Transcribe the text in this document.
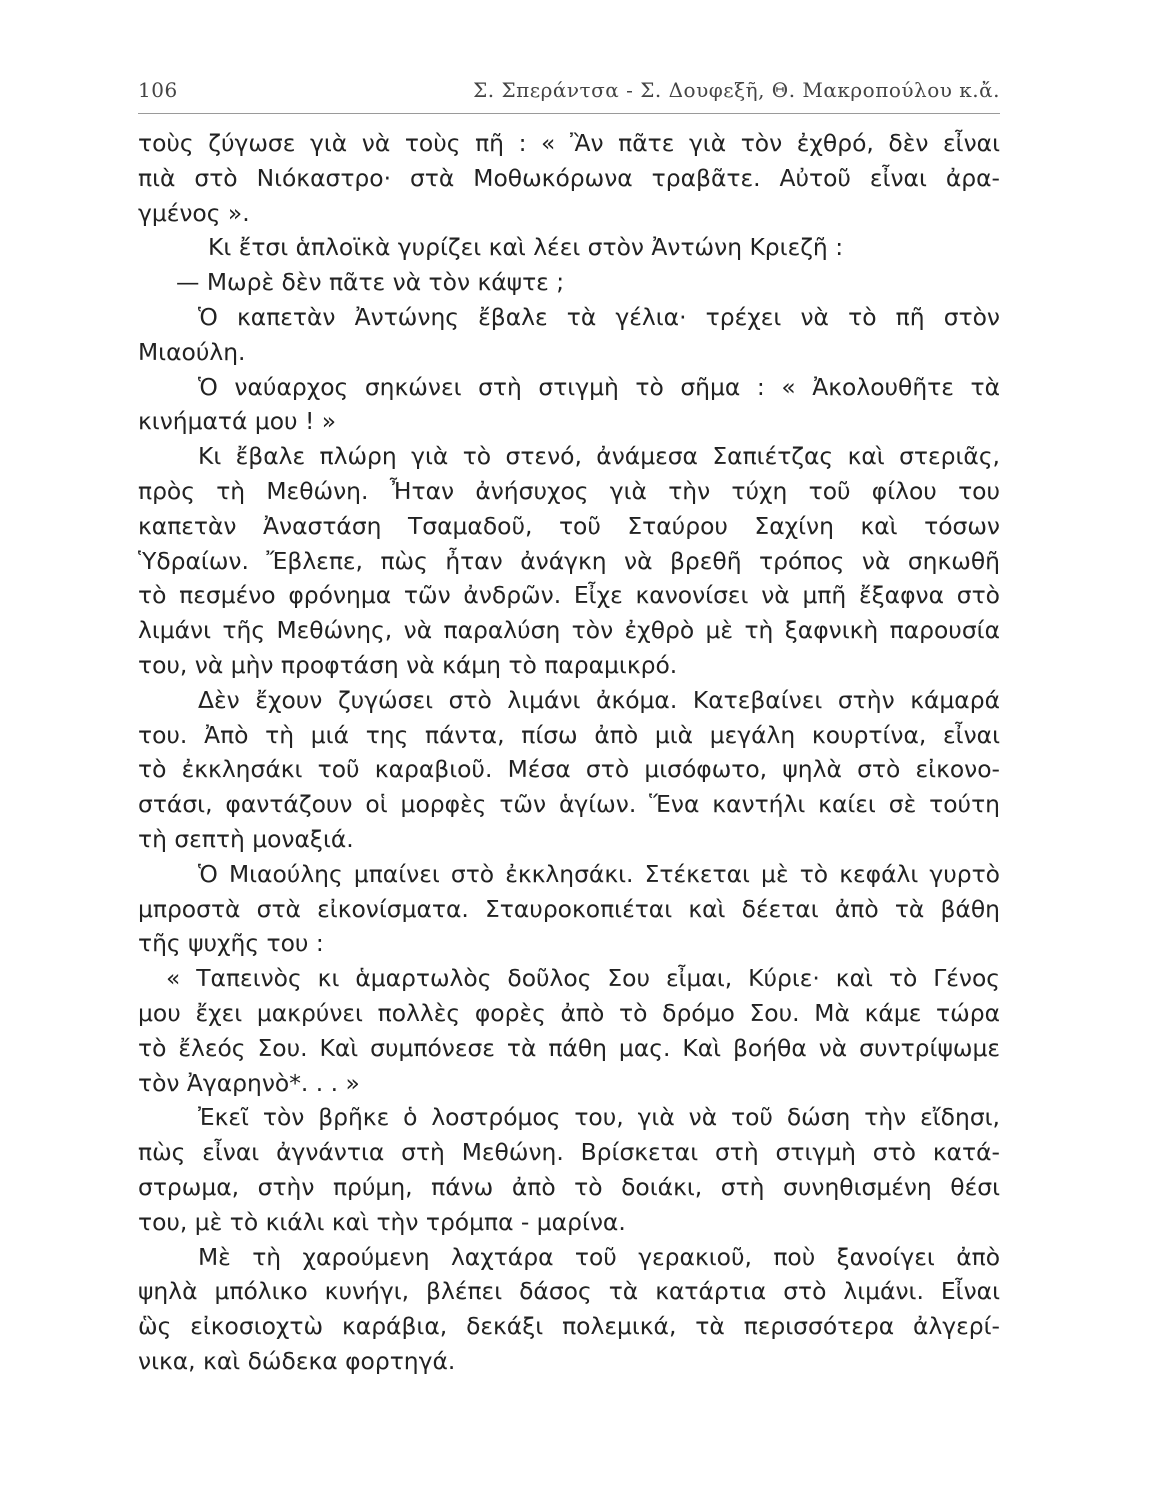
106	Σ. Σπεράντσα - Σ. Δουφεξῆ, Θ. Μακροπούλου κ.ἄ.
τοὺς ζύγωσε γιὰ νὰ τοὺς πῆ : « Ἂν πᾶτε γιὰ τὸν ἐχθρό, δὲν εἶναι
πιὰ στὸ Νιόκαστρο· στὰ Μοθωκόρωνα τραβᾶτε. Αὐτοῦ εἶναι ἀρα-
γμένος ».
Κι ἔτσι ἁπλοϊκὰ γυρίζει καὶ λέει στὸν Ἀντώνη Κριεζῆ :
— Μωρὲ δὲν πᾶτε νὰ τὸν κάψτε ;
Ὁ καπετὰν Ἀντώνης ἔβαλε τὰ γέλια· τρέχει νὰ τὸ πῆ στὸν
Μιαούλη.
Ὁ ναύαρχος σηκώνει στὴ στιγμὴ τὸ σῆμα : « Ἀκολουθῆτε τὰ
κινήματά μου ! »
Κι ἔβαλε πλώρη γιὰ τὸ στενό, ἀνάμεσα Σαπιέτζας καὶ στεριᾶς,
πρὸς τὴ Μεθώνη. Ἦταν ἀνήσυχος γιὰ τὴν τύχη τοῦ φίλου του
καπετὰν Ἀναστάση Τσαμαδοῦ, τοῦ Σταύρου Σαχίνη καὶ τόσων
Ὑδραίων. Ἔβλεπε, πὼς ἦταν ἀνάγκη νὰ βρεθῆ τρόπος νὰ σηκωθῆ
τὸ πεσμένο φρόνημα τῶν ἀνδρῶν. Εἶχε κανονίσει νὰ μπῆ ἔξαφνα στὸ
λιμάνι τῆς Μεθώνης, νὰ παραλύση τὸν ἐχθρὸ μὲ τὴ ξαφνικὴ παρουσία
του, νὰ μὴν προφτάση νὰ κάμη τὸ παραμικρό.
Δὲν ἔχουν ζυγώσει στὸ λιμάνι ἀκόμα. Κατεβαίνει στὴν κάμαρά
του. Ἀπὸ τὴ μιά της πάντα, πίσω ἀπὸ μιὰ μεγάλη κουρτίνα, εἶναι
τὸ ἐκκλησάκι τοῦ καραβιοῦ. Μέσα στὸ μισόφωτο, ψηλὰ στὸ εἰκονο-
στάσι, φαντάζουν οἱ μορφὲς τῶν ἁγίων. Ἕνα καντήλι καίει σὲ τούτη
τὴ σεπτὴ μοναξιά.
Ὁ Μιαούλης μπαίνει στὸ ἐκκλησάκι. Στέκεται μὲ τὸ κεφάλι γυρτὸ
μπροστὰ στὰ εἰκονίσματα. Σταυροκοπιέται καὶ δέεται ἀπὸ τὰ βάθη
τῆς ψυχῆς του :
« Ταπεινὸς κι ἁμαρτωλὸς δοῦλος Σου εἶμαι, Κύριε· καὶ τὸ Γένος
μου ἔχει μακρύνει πολλὲς φορὲς ἀπὸ τὸ δρόμο Σου. Μὰ κάμε τώρα
τὸ ἔλεός Σου. Καὶ συμπόνεσε τὰ πάθη μας. Καὶ βοήθα νὰ συντρίψωμε
τὸν Ἀγαρηνὸ*. . . »
Ἐκεῖ τὸν βρῆκε ὁ λοστρόμος του, γιὰ νὰ τοῦ δώση τὴν εἴδησι,
πὼς εἶναι ἀγνάντια στὴ Μεθώνη. Βρίσκεται στὴ στιγμὴ στὸ κατά-
στρωμα, στὴν πρύμη, πάνω ἀπὸ τὸ δοιάκι, στὴ συνηθισμένη θέσι
του, μὲ τὸ κιάλι καὶ τὴν τρόμπα - μαρίνα.
Μὲ τὴ χαρούμενη λαχτάρα τοῦ γερακιοῦ, ποὺ ξανοίγει ἀπὸ
ψηλὰ μπόλικο κυνήγι, βλέπει δάσος τὰ κατάρτια στὸ λιμάνι. Εἶναι
ὣς εἰκοσιοχτὼ καράβια, δεκάξι πολεμικά, τὰ περισσότερα ἀλγερί-
νικα, καὶ δώδεκα φορτηγά.
